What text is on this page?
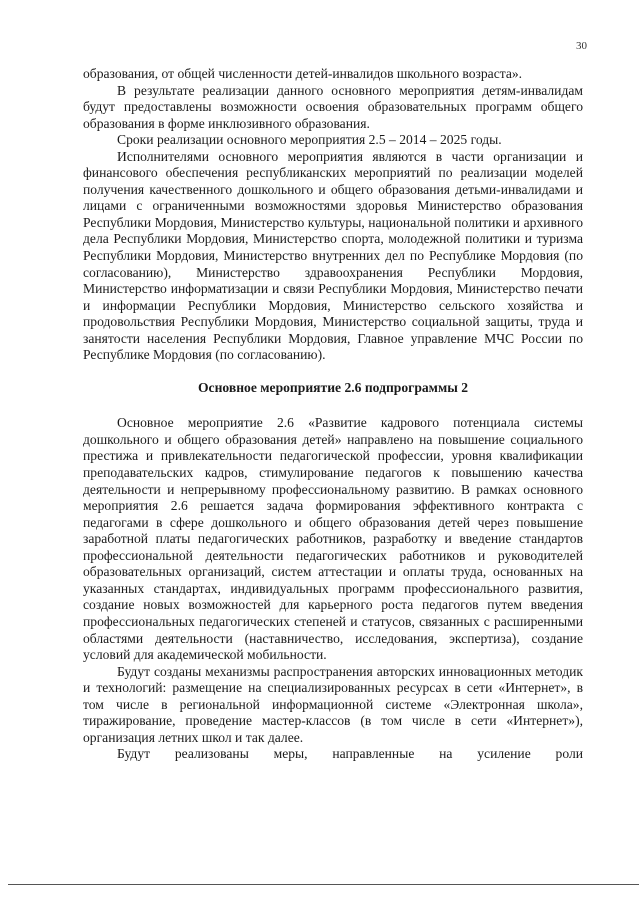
30

образования, от общей численности детей-инвалидов школьного возраста».

В результате реализации данного основного мероприятия детям-инвалидам будут предоставлены возможности освоения образовательных программ общего образования в форме инклюзивного образования.

Сроки реализации основного мероприятия 2.5 – 2014 – 2025 годы.

Исполнителями основного мероприятия являются в части организации и финансового обеспечения республиканских мероприятий по реализации моделей получения качественного дошкольного и общего образования детьми-инвалидами и лицами с ограниченными возможностями здоровья Министерство образования Республики Мордовия, Министерство культуры, национальной политики и архивного дела Республики Мордовия, Министерство спорта, молодежной политики и туризма Республики Мордовия, Министерство внутренних дел по Республике Мордовия (по согласованию), Министерство здравоохранения Республики Мордовия, Министерство информатизации и связи Республики Мордовия, Министерство печати и информации Республики Мордовия, Министерство сельского хозяйства и продовольствия Республики Мордовия, Министерство социальной защиты, труда и занятости населения Республики Мордовия, Главное управление МЧС России по Республике Мордовия (по согласованию).

Основное мероприятие 2.6 подпрограммы 2

Основное мероприятие 2.6 «Развитие кадрового потенциала системы дошкольного и общего образования детей» направлено на повышение социального престижа и привлекательности педагогической профессии, уровня квалификации преподавательских кадров, стимулирование педагогов к повышению качества деятельности и непрерывному профессиональному развитию. В рамках основного мероприятия 2.6 решается задача формирования эффективного контракта с педагогами в сфере дошкольного и общего образования детей через повышение заработной платы педагогических работников, разработку и введение стандартов профессиональной деятельности педагогических работников и руководителей образовательных организаций, систем аттестации и оплаты труда, основанных на указанных стандартах, индивидуальных программ профессионального развития, создание новых возможностей для карьерного роста педагогов путем введения профессиональных педагогических степеней и статусов, связанных с расширенными областями деятельности (наставничество, исследования, экспертиза), создание условий для академической мобильности.

Будут созданы механизмы распространения авторских инновационных методик и технологий: размещение на специализированных ресурсах в сети «Интернет», в том числе в региональной информационной системе «Электронная школа», тиражирование, проведение мастер-классов (в том числе в сети «Интернет»), организация летних школ и так далее.

Будут реализованы меры, направленные на усиление роли
